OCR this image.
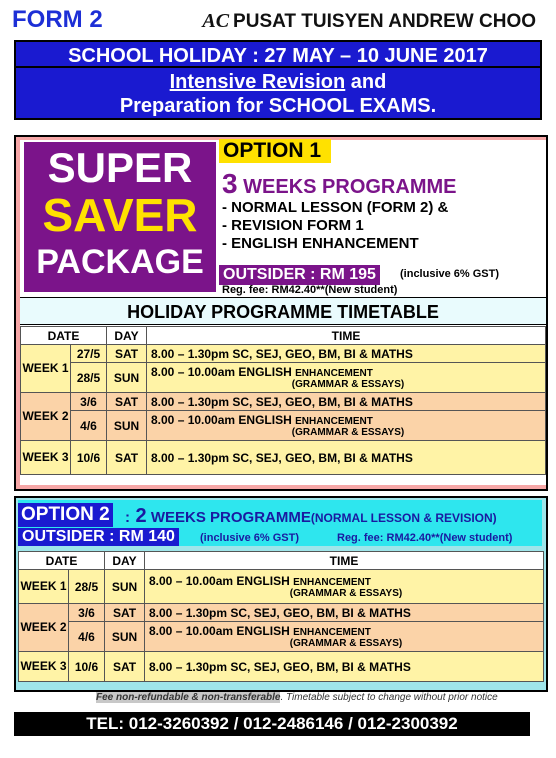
FORM 2	AC PUSAT TUISYEN ANDREW CHOO
SCHOOL HOLIDAY : 27 MAY – 10 JUNE 2017
Intensive Revision and
Preparation for SCHOOL EXAMS.
SUPER
SAVER
PACKAGE
OPTION 1
3 WEEKS PROGRAMME
- NORMAL LESSON (FORM 2) &
- REVISION FORM 1
- ENGLISH ENHANCEMENT
OUTSIDER : RM 195	(inclusive 6% GST)
Reg. fee: RM42.40**(New student)
HOLIDAY PROGRAMME TIMETABLE
DATE		DAY	TIME
WEEK 1	27/5	SAT	8.00 – 1.30pm SC, SEJ, GEO, BM, BI & MATHS
	28/5	SUN	8.00 – 10.00am ENGLISH ENHANCEMENT
(GRAMMAR & ESSAYS)

WEEK 2	3/6	SAT	8.00 – 1.30pm SC, SEJ, GEO, BM, BI & MATHS
	4/6	SUN	8.00 – 10.00am ENGLISH ENHANCEMENT
(GRAMMAR & ESSAYS)

WEEK 3	10/6	SAT	8.00 – 1.30pm SC, SEJ, GEO, BM, BI & MATHS
OPTION 2 : 2 WEEKS PROGRAMME(NORMAL LESSON & REVISION)
OUTSIDER : RM 140	(inclusive 6% GST)	Reg. fee: RM42.40**(New student)
DATE		DAY	TIME
WEEK 1	28/5	SUN	8.00 – 10.00am ENGLISH ENHANCEMENT
(GRAMMAR & ESSAYS)

WEEK 2	3/6	SAT	8.00 – 1.30pm SC, SEJ, GEO, BM, BI & MATHS
	4/6	SUN	8.00 – 10.00am ENGLISH ENHANCEMENT
(GRAMMAR & ESSAYS)

WEEK 3	10/6	SAT	8.00 – 1.30pm SC, SEJ, GEO, BM, BI & MATHS
Fee non-refundable & non-transferable. Timetable subject to change without prior notice
TEL: 012-3260392 / 012-2486146 / 012-2300392
